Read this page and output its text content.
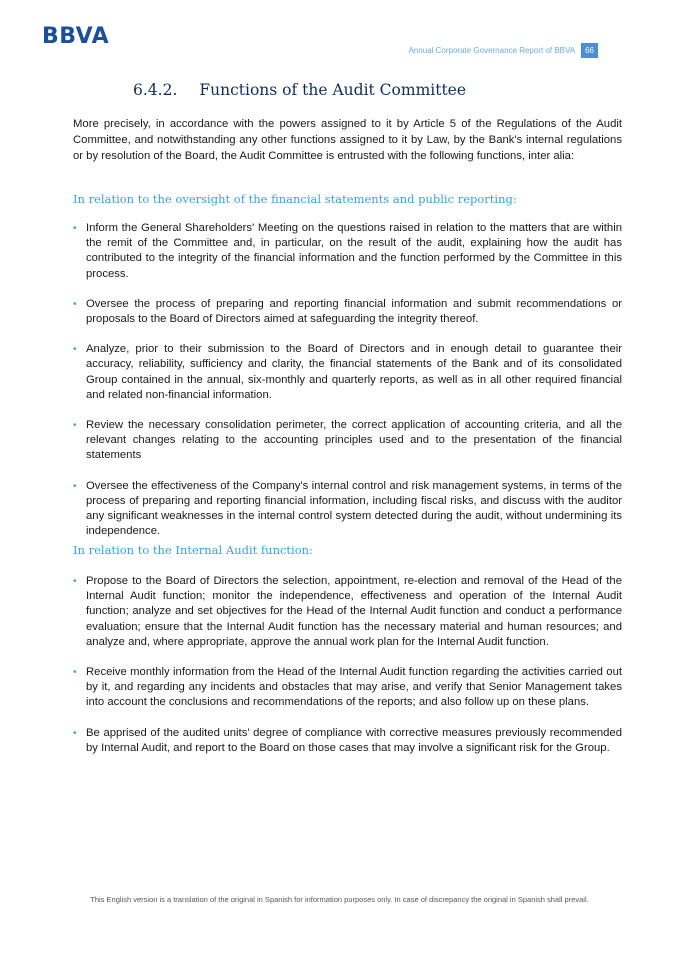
BBVA
Annual Corporate Governance Report of BBVA	66
6.4.2. Functions of the Audit Committee

More precisely, in accordance with the powers assigned to it by Article 5 of the Regulations of the Audit Committee, and notwithstanding any other functions assigned to it by Law, by the Bank's internal regulations or by resolution of the Board, the Audit Committee is entrusted with the following functions, inter alia:

In relation to the oversight of the financial statements and public reporting:

• Inform the General Shareholders' Meeting on the questions raised in relation to the matters that are within the remit of the Committee and, in particular, on the result of the audit, explaining how the audit has contributed to the integrity of the financial information and the function performed by the Committee in this process.
• Oversee the process of preparing and reporting financial information and submit recommendations or proposals to the Board of Directors aimed at safeguarding the integrity thereof.
• Analyze, prior to their submission to the Board of Directors and in enough detail to guarantee their accuracy, reliability, sufficiency and clarity, the financial statements of the Bank and of its consolidated Group contained in the annual, six-monthly and quarterly reports, as well as in all other required financial and related non-financial information.
• Review the necessary consolidation perimeter, the correct application of accounting criteria, and all the relevant changes relating to the accounting principles used and to the presentation of the financial statements
• Oversee the effectiveness of the Company's internal control and risk management systems, in terms of the process of preparing and reporting financial information, including fiscal risks, and discuss with the auditor any significant weaknesses in the internal control system detected during the audit, without undermining its independence.

In relation to the Internal Audit function:

• Propose to the Board of Directors the selection, appointment, re-election and removal of the Head of the Internal Audit function; monitor the independence, effectiveness and operation of the Internal Audit function; analyze and set objectives for the Head of the Internal Audit function and conduct a performance evaluation; ensure that the Internal Audit function has the necessary material and human resources; and analyze and, where appropriate, approve the annual work plan for the Internal Audit function.
• Receive monthly information from the Head of the Internal Audit function regarding the activities carried out by it, and regarding any incidents and obstacles that may arise, and verify that Senior Management takes into account the conclusions and recommendations of the reports; and also follow up on these plans.
• Be apprised of the audited units' degree of compliance with corrective measures previously recommended by Internal Audit, and report to the Board on those cases that may involve a significant risk for the Group.
This English version is a translation of the original in Spanish for information purposes only. In case of discrepancy the original in Spanish shall prevail.
